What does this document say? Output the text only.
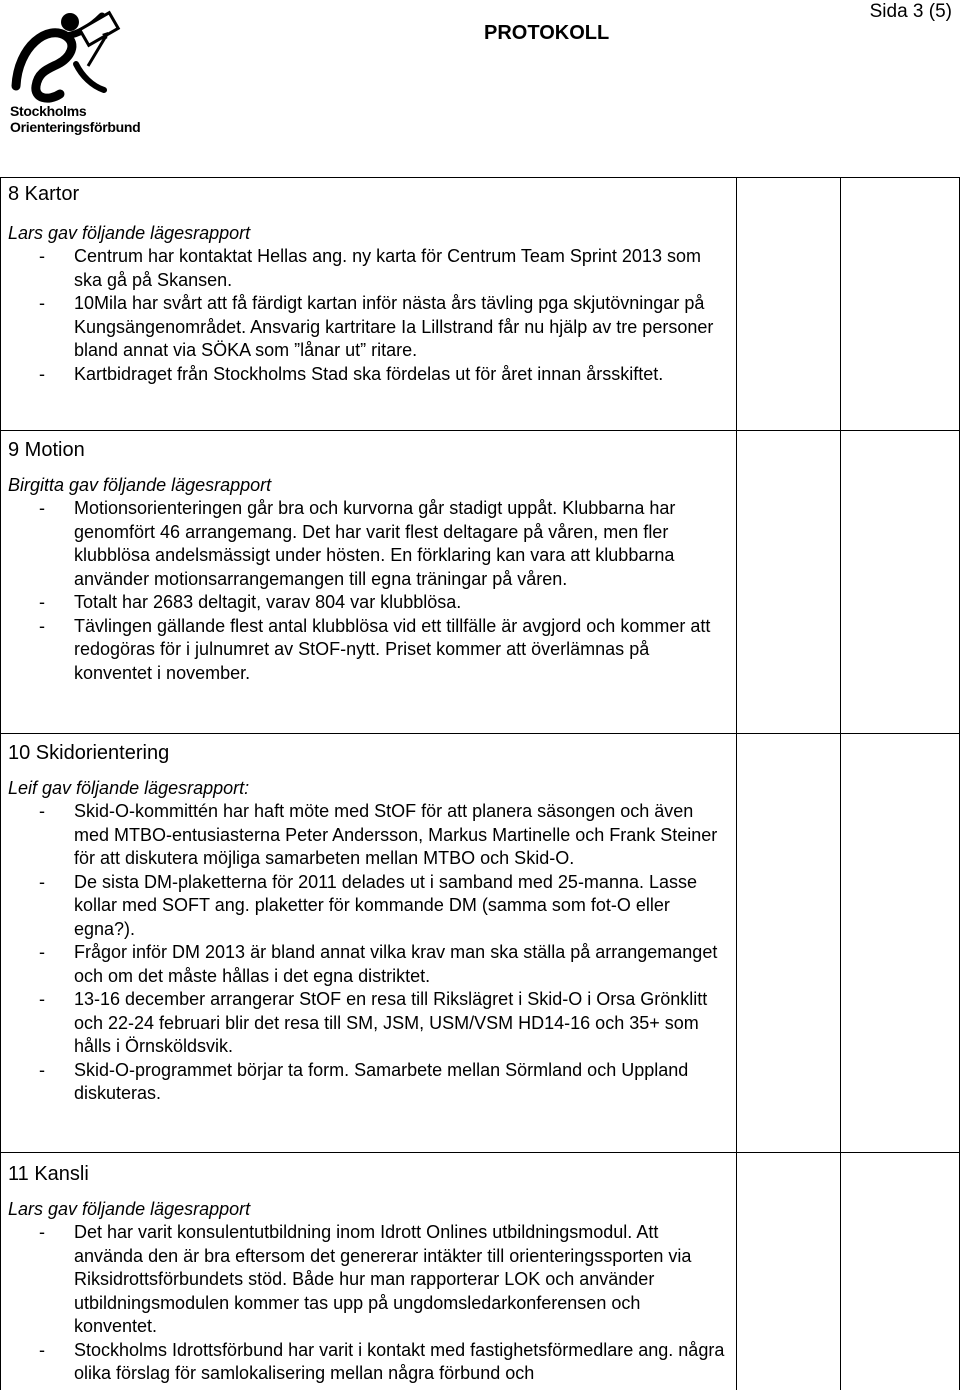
Stockholms
Orienteringsförbund
PROTOKOLL
Sida 3 (5)
8 Kartor
Lars gav följande lägesrapport
- Centrum har kontaktat Hellas ang. ny karta för Centrum Team Sprint 2013 som ska gå på Skansen.
- 10Mila har svårt att få färdigt kartan inför nästa års tävling pga skjutövningar på Kungsängenområdet. Ansvarig kartritare Ia Lillstrand får nu hjälp av tre personer bland annat via SÖKA som ”lånar ut” ritare.
- Kartbidraget från Stockholms Stad ska fördelas ut för året innan årsskiftet.
9 Motion
Birgitta gav följande lägesrapport
- Motionsorienteringen går bra och kurvorna går stadigt uppåt. Klubbarna har genomfört 46 arrangemang. Det har varit flest deltagare på våren, men fler klubblösa andelsmässigt under hösten. En förklaring kan vara att klubbarna använder motionsarrangemangen till egna träningar på våren.
- Totalt har 2683 deltagit, varav 804 var klubblösa.
- Tävlingen gällande flest antal klubblösa vid ett tillfälle är avgjord och kommer att redogöras för i julnumret av StOF-nytt. Priset kommer att överlämnas på konventet i november.
10 Skidorientering
Leif gav följande lägesrapport:
- Skid-O-kommittén har haft möte med StOF för att planera säsongen och även med MTBO-entusiasterna Peter Andersson, Markus Martinelle och Frank Steiner för att diskutera möjliga samarbeten mellan MTBO och Skid-O.
- De sista DM-plaketterna för 2011 delades ut i samband med 25-manna. Lasse kollar med SOFT ang. plaketter för kommande DM (samma som fot-O eller egna?).
- Frågor inför DM 2013 är bland annat vilka krav man ska ställa på arrangemanget och om det måste hållas i det egna distriktet.
- 13-16 december arrangerar StOF en resa till Rikslägret i Skid-O i Orsa Grönklitt och 22-24 februari blir det resa till SM, JSM, USM/VSM HD14-16 och 35+ som hålls i Örnsköldsvik.
- Skid-O-programmet börjar ta form. Samarbete mellan Sörmland och Uppland diskuteras.
11 Kansli
Lars gav följande lägesrapport
- Det har varit konsulentutbildning inom Idrott Onlines utbildningsmodul. Att använda den är bra eftersom det genererar intäkter till orienteringssporten via Riksidrottsförbundets stöd. Både hur man rapporterar LOK och använder utbildningsmodulen kommer tas upp på ungdomsledarkonferensen och konventet.
- Stockholms Idrottsförbund har varit i kontakt med fastighetsförmedlare ang. några olika förslag för samlokalisering mellan några förbund och
